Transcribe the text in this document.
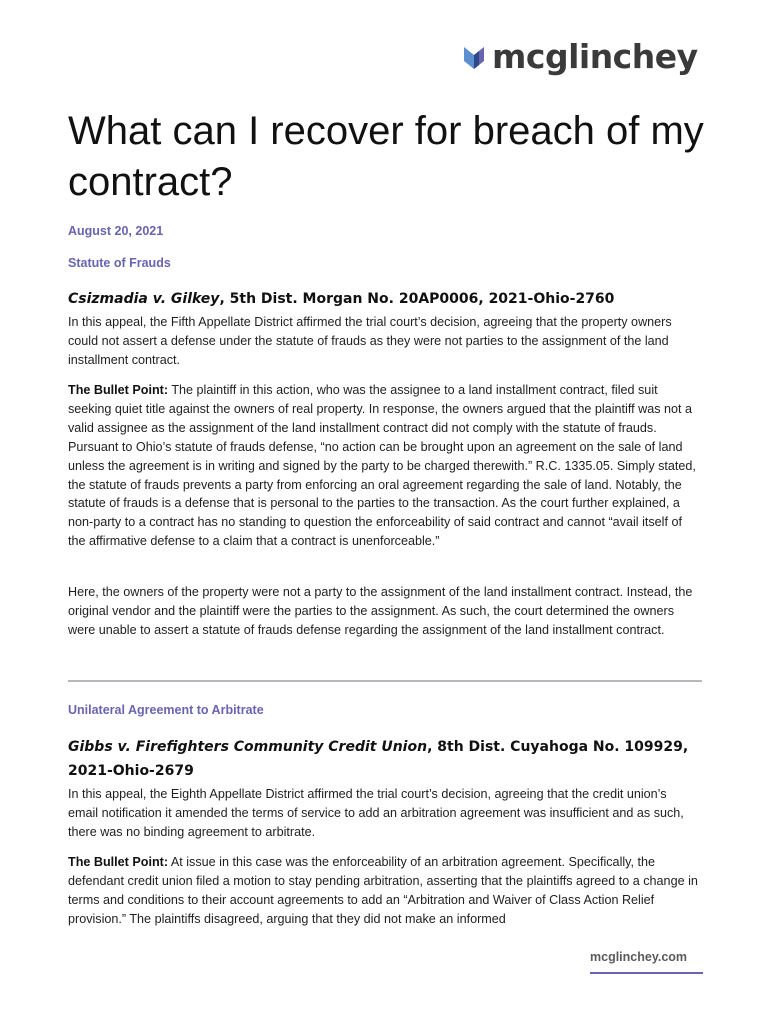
mcglinchey
What can I recover for breach of my contract?

August 20, 2021

Statute of Frauds

Csizmadia v. Gilkey, 5th Dist. Morgan No. 20AP0006, 2021-Ohio-2760

In this appeal, the Fifth Appellate District affirmed the trial court’s decision, agreeing that the property owners could not assert a defense under the statute of frauds as they were not parties to the assignment of the land installment contract.

The Bullet Point: The plaintiff in this action, who was the assignee to a land installment contract, filed suit seeking quiet title against the owners of real property. In response, the owners argued that the plaintiff was not a valid assignee as the assignment of the land installment contract did not comply with the statute of frauds. Pursuant to Ohio’s statute of frauds defense, “no action can be brought upon an agreement on the sale of land unless the agreement is in writing and signed by the party to be charged therewith.” R.C. 1335.05. Simply stated, the statute of frauds prevents a party from enforcing an oral agreement regarding the sale of land. Notably, the statute of frauds is a defense that is personal to the parties to the transaction. As the court further explained, a non-party to a contract has no standing to question the enforceability of said contract and cannot “avail itself of the affirmative defense to a claim that a contract is unenforceable.”

Here, the owners of the property were not a party to the assignment of the land installment contract. Instead, the original vendor and the plaintiff were the parties to the assignment. As such, the court determined the owners were unable to assert a statute of frauds defense regarding the assignment of the land installment contract.

Unilateral Agreement to Arbitrate

Gibbs v. Firefighters Community Credit Union, 8th Dist. Cuyahoga No. 109929, 2021-Ohio-2679

In this appeal, the Eighth Appellate District affirmed the trial court’s decision, agreeing that the credit union’s email notification it amended the terms of service to add an arbitration agreement was insufficient and as such, there was no binding agreement to arbitrate.

The Bullet Point: At issue in this case was the enforceability of an arbitration agreement. Specifically, the defendant credit union filed a motion to stay pending arbitration, asserting that the plaintiffs agreed to a change in terms and conditions to their account agreements to add an “Arbitration and Waiver of Class Action Relief provision.” The plaintiffs disagreed, arguing that they did not make an informed

mcglinchey.com
